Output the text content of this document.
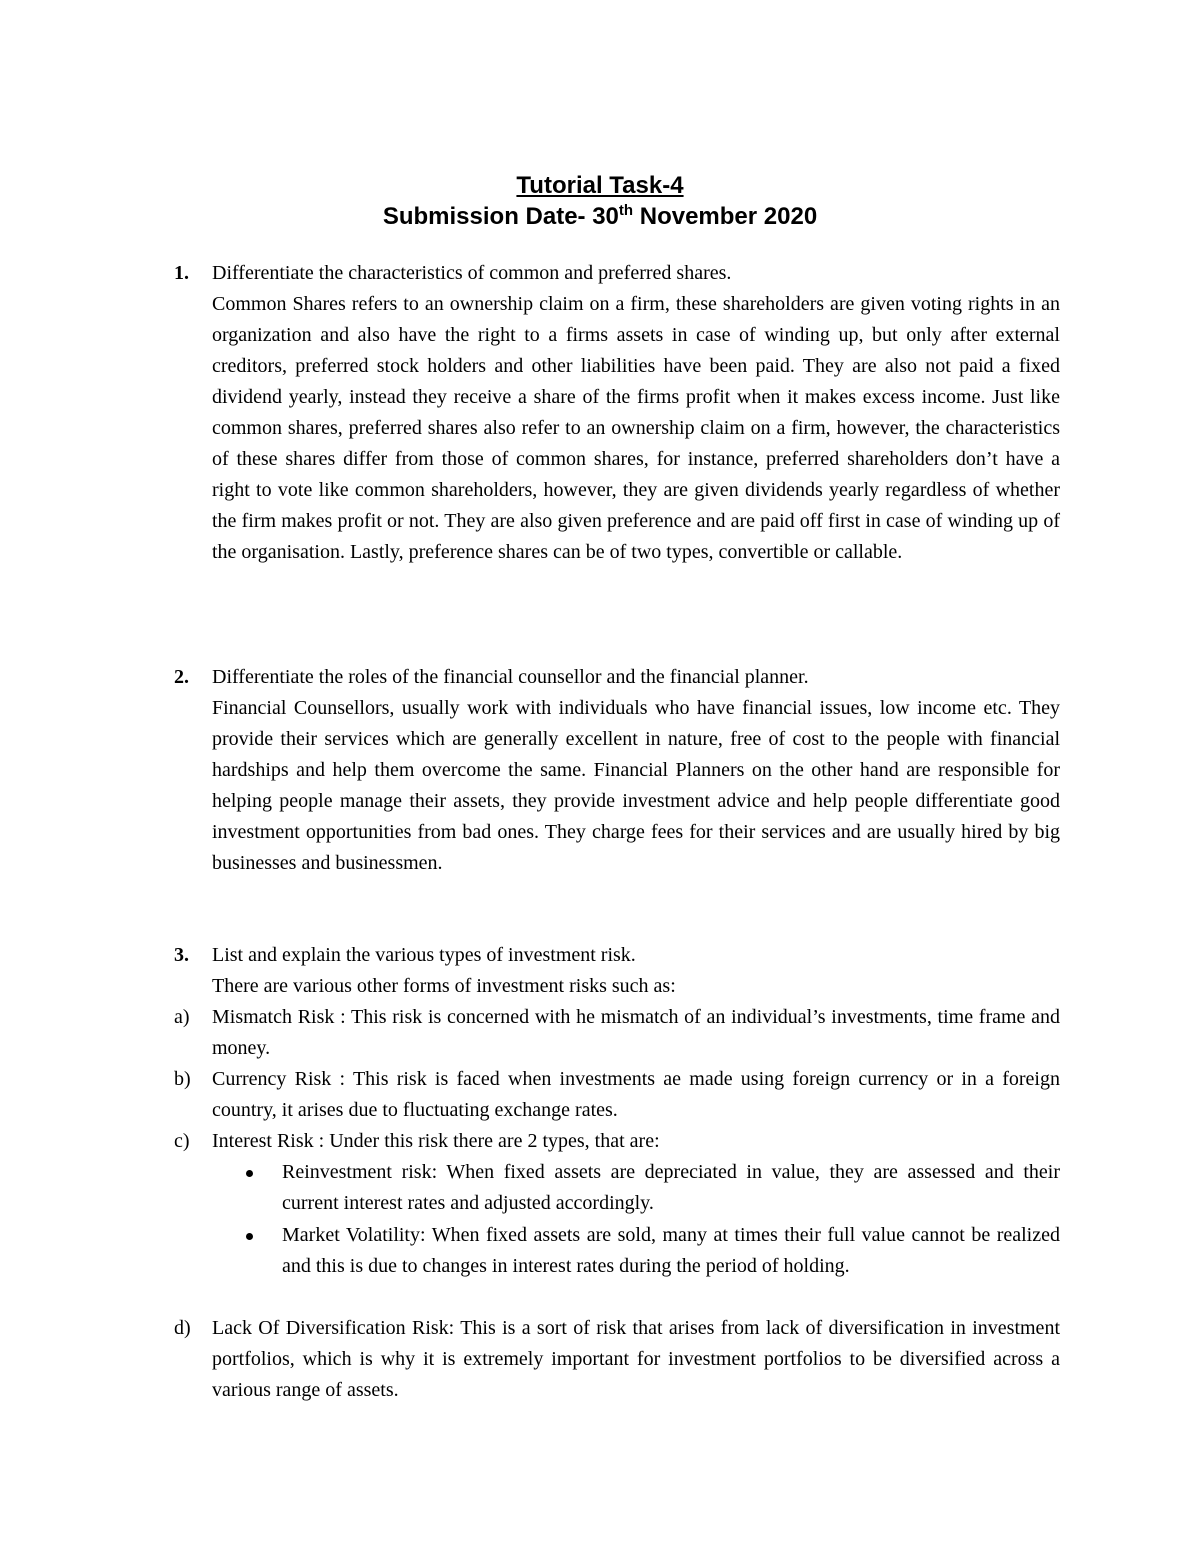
Tutorial Task-4
Submission Date- 30th November 2020
1. Differentiate the characteristics of common and preferred shares.

Common Shares refers to an ownership claim on a firm, these shareholders are given voting rights in an organization and also have the right to a firms assets in case of winding up, but only after external creditors, preferred stock holders and other liabilities have been paid. They are also not paid a fixed dividend yearly, instead they receive a share of the firms profit when it makes excess income. Just like common shares, preferred shares also refer to an ownership claim on a firm, however, the characteristics of these shares differ from those of common shares, for instance, preferred shareholders don’t have a right to vote like common shareholders, however, they are given dividends yearly regardless of whether the firm makes profit or not. They are also given preference and are paid off first in case of winding up of the organisation. Lastly, preference shares can be of two types, convertible or callable.

2. Differentiate the roles of the financial counsellor and the financial planner.

Financial Counsellors, usually work with individuals who have financial issues, low income etc. They provide their services which are generally excellent in nature, free of cost to the people with financial hardships and help them overcome the same. Financial Planners on the other hand are responsible for helping people manage their assets, they provide investment advice and help people differentiate good investment opportunities from bad ones. They charge fees for their services and are usually hired by big businesses and businessmen.

3. List and explain the various types of investment risk.

There are various other forms of investment risks such as:

a) Mismatch Risk : This risk is concerned with he mismatch of an individual’s investments, time frame and money.
b) Currency Risk : This risk is faced when investments ae made using foreign currency or in a foreign country, it arises due to fluctuating exchange rates.
c) Interest Risk : Under this risk there are 2 types, that are:
Reinvestment risk: When fixed assets are depreciated in value, they are assessed and their current interest rates and adjusted accordingly.
Market Volatility: When fixed assets are sold, many at times their full value cannot be realized and this is due to changes in interest rates during the period of holding.
d) Lack Of Diversification Risk: This is a sort of risk that arises from lack of diversification in investment portfolios, which is why it is extremely important for investment portfolios to be diversified across a various range of assets.
